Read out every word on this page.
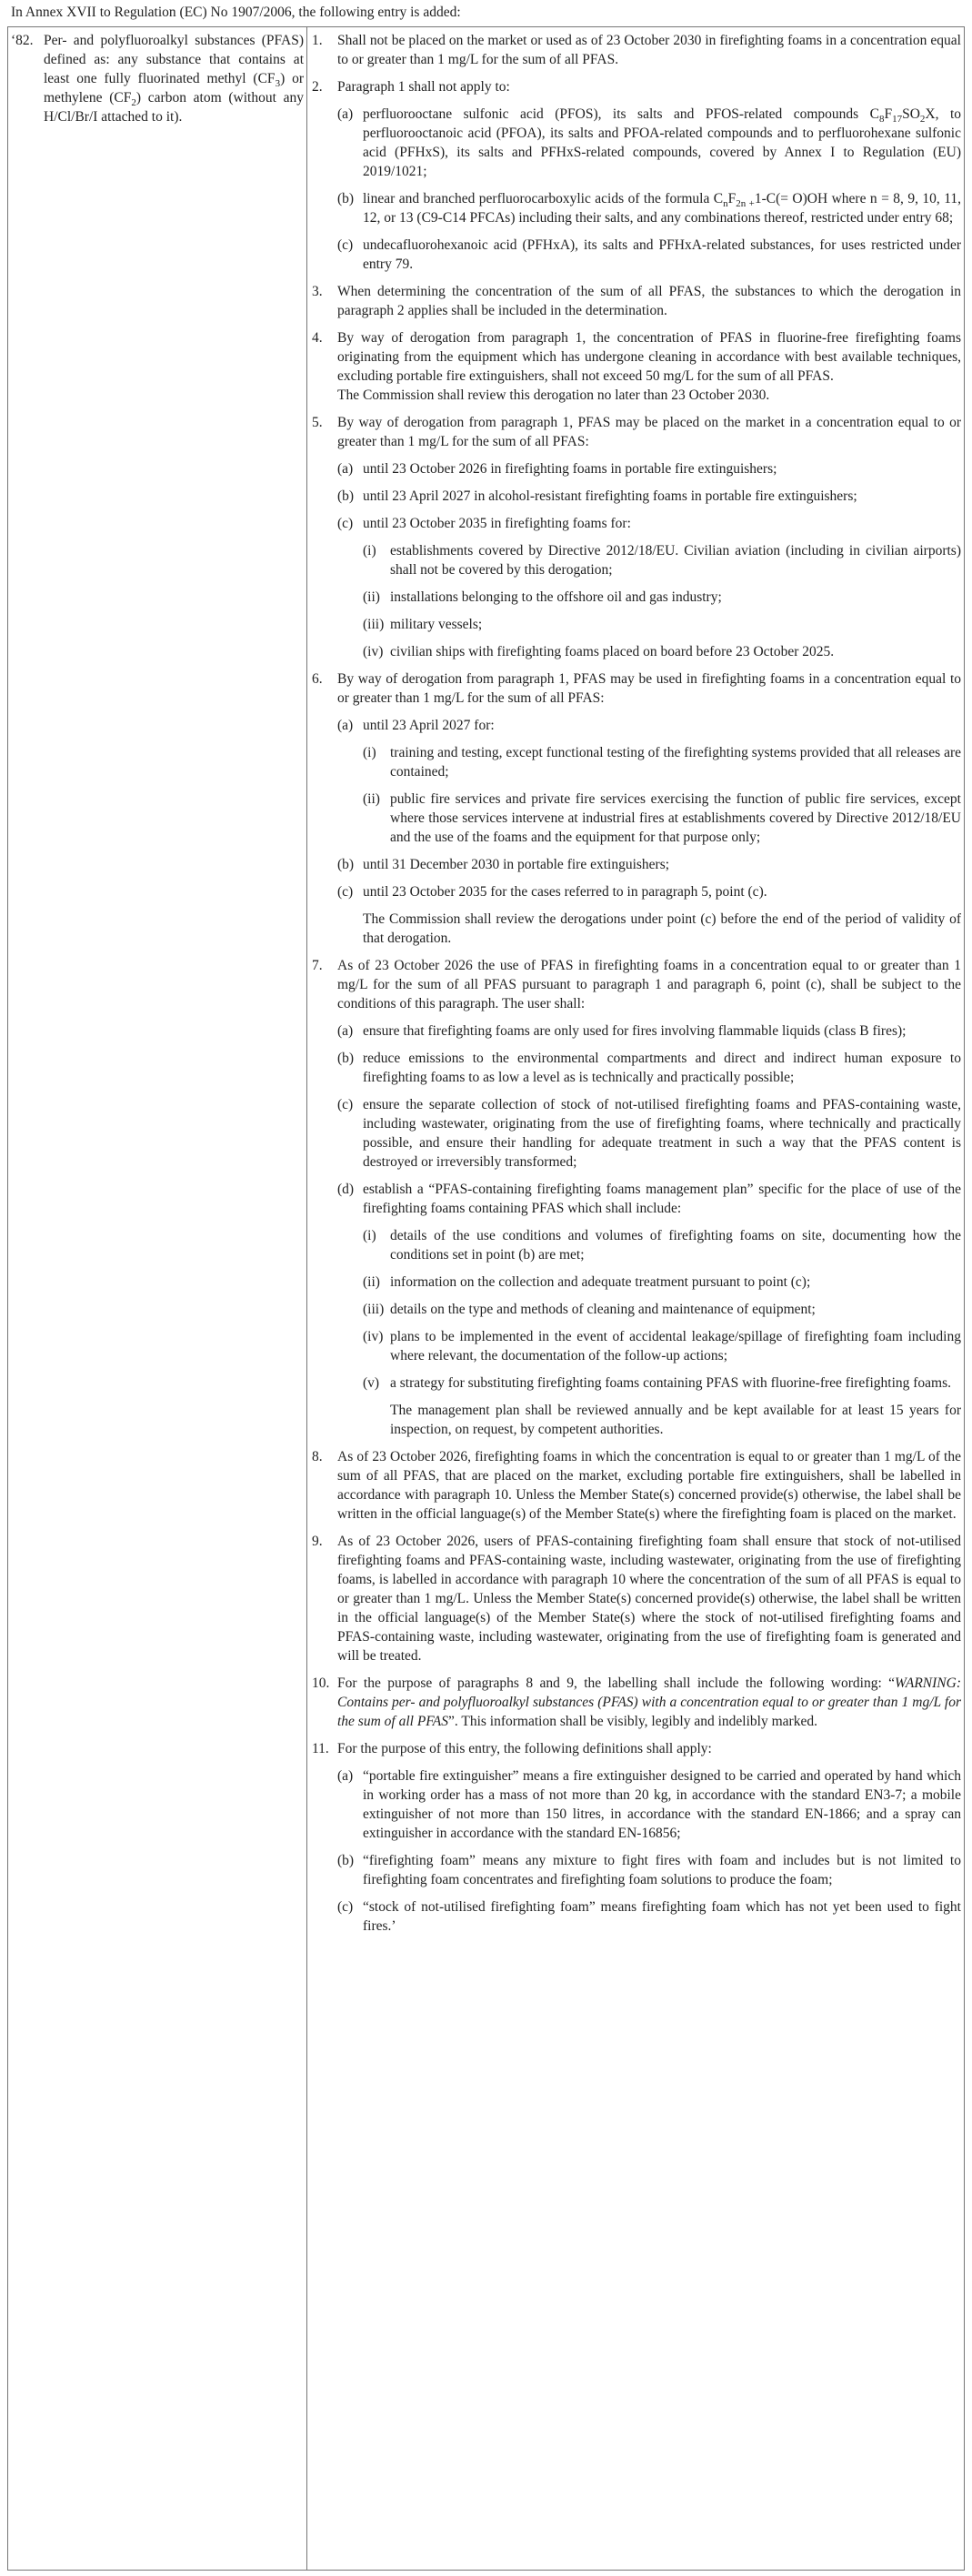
In Annex XVII to Regulation (EC) No 1907/2006, the following entry is added:
‘82. Per- and polyfluoroalkyl substances (PFAS) defined as: any substance that contains at least one fully fluorinated methyl $(CF_3)$ or methylene $(CF_2)$ carbon atom (without any H/Cl/Br/I attached to it).
1. Shall not be placed on the market or used as of 23 October 2030 in firefighting foams in a concentration equal to or greater than 1 mg/L for the sum of all PFAS.
2. Paragraph 1 shall not apply to:
(a) perfluorooctane sulfonic acid (PFOS), its salts and PFOS-related compounds $C_8F_{17}SO_2X$, to perfluorooctanoic acid (PFOA), its salts and PFOA-related compounds and to perfluorohexane sulfonic acid (PFHxS), its salts and PFHxS-related compounds, covered by Annex I to Regulation (EU) 2019/1021;
(b) linear and branched perfluorocarboxylic acids of the formula $C_nF_{2n +}1-C(= O)OH$ where n = 8, 9, 10, 11, 12, or 13 (C9-C14 PFCAs) including their salts, and any combinations thereof, restricted under entry 68;
(c) undecafluorohexanoic acid (PFHxA), its salts and PFHxA-related substances, for uses restricted under entry 79.
3. When determining the concentration of the sum of all PFAS, the substances to which the derogation in paragraph 2 applies shall be included in the determination.
4. By way of derogation from paragraph 1, the concentration of PFAS in fluorine-free firefighting foams originating from the equipment which has undergone cleaning in accordance with best available techniques, excluding portable fire extinguishers, shall not exceed 50 mg/L for the sum of all PFAS.
The Commission shall review this derogation no later than 23 October 2030.
5. By way of derogation from paragraph 1, PFAS may be placed on the market in a concentration equal to or greater than 1 mg/L for the sum of all PFAS:
(a) until 23 October 2026 in firefighting foams in portable fire extinguishers;
(b) until 23 April 2027 in alcohol-resistant firefighting foams in portable fire extinguishers;
(c) until 23 October 2035 in firefighting foams for:
(i) establishments covered by Directive 2012/18/EU. Civilian aviation (including in civilian airports) shall not be covered by this derogation;
(ii) installations belonging to the offshore oil and gas industry;
(iii) military vessels;
(iv) civilian ships with firefighting foams placed on board before 23 October 2025.
6. By way of derogation from paragraph 1, PFAS may be used in firefighting foams in a concentration equal to or greater than 1 mg/L for the sum of all PFAS:
(a) until 23 April 2027 for:
(i) training and testing, except functional testing of the firefighting systems provided that all releases are contained;
(ii) public fire services and private fire services exercising the function of public fire services, except where those services intervene at industrial fires at establishments covered by Directive 2012/18/EU and the use of the foams and the equipment for that purpose only;
(b) until 31 December 2030 in portable fire extinguishers;
(c) until 23 October 2035 for the cases referred to in paragraph 5, point (c).
The Commission shall review the derogations under point (c) before the end of the period of validity of that derogation.
7. As of 23 October 2026 the use of PFAS in firefighting foams in a concentration equal to or greater than 1 mg/L for the sum of all PFAS pursuant to paragraph 1 and paragraph 6, point (c), shall be subject to the conditions of this paragraph. The user shall:
(a) ensure that firefighting foams are only used for fires involving flammable liquids (class B fires);
(b) reduce emissions to the environmental compartments and direct and indirect human exposure to firefighting foams to as low a level as is technically and practically possible;
(c) ensure the separate collection of stock of not-utilised firefighting foams and PFAS-containing waste, including wastewater, originating from the use of firefighting foams, where technically and practically possible, and ensure their handling for adequate treatment in such a way that the PFAS content is destroyed or irreversibly transformed;
(d) establish a “PFAS-containing firefighting foams management plan” specific for the place of use of the firefighting foams containing PFAS which shall include:
(i) details of the use conditions and volumes of firefighting foams on site, documenting how the conditions set in point (b) are met;
(ii) information on the collection and adequate treatment pursuant to point (c);
(iii) details on the type and methods of cleaning and maintenance of equipment;
(iv) plans to be implemented in the event of accidental leakage/spillage of firefighting foam including where relevant, the documentation of the follow-up actions;
(v) a strategy for substituting firefighting foams containing PFAS with fluorine-free firefighting foams.
The management plan shall be reviewed annually and be kept available for at least 15 years for inspection, on request, by competent authorities.
8. As of 23 October 2026, firefighting foams in which the concentration is equal to or greater than 1 mg/L of the sum of all PFAS, that are placed on the market, excluding portable fire extinguishers, shall be labelled in accordance with paragraph 10. Unless the Member State(s) concerned provide(s) otherwise, the label shall be written in the official language(s) of the Member State(s) where the firefighting foam is placed on the market.
9. As of 23 October 2026, users of PFAS-containing firefighting foam shall ensure that stock of not-utilised firefighting foams and PFAS-containing waste, including wastewater, originating from the use of firefighting foams, is labelled in accordance with paragraph 10 where the concentration of the sum of all PFAS is equal to or greater than 1 mg/L. Unless the Member State(s) concerned provide(s) otherwise, the label shall be written in the official language(s) of the Member State(s) where the stock of not-utilised firefighting foams and PFAS-containing waste, including wastewater, originating from the use of firefighting foam is generated and will be treated.
10. For the purpose of paragraphs 8 and 9, the labelling shall include the following wording: “WARNING: Contains per- and polyfluoroalkyl substances (PFAS) with a concentration equal to or greater than 1 mg/L for the sum of all PFAS”. This information shall be visibly, legibly and indelibly marked.
11. For the purpose of this entry, the following definitions shall apply:
(a) “portable fire extinguisher” means a fire extinguisher designed to be carried and operated by hand which in working order has a mass of not more than 20 kg, in accordance with the standard EN3-7; a mobile extinguisher of not more than 150 litres, in accordance with the standard EN-1866; and a spray can extinguisher in accordance with the standard EN-16856;
(b) “firefighting foam” means any mixture to fight fires with foam and includes but is not limited to firefighting foam concentrates and firefighting foam solutions to produce the foam;
(c) “stock of not-utilised firefighting foam” means firefighting foam which has not yet been used to fight fires.’
